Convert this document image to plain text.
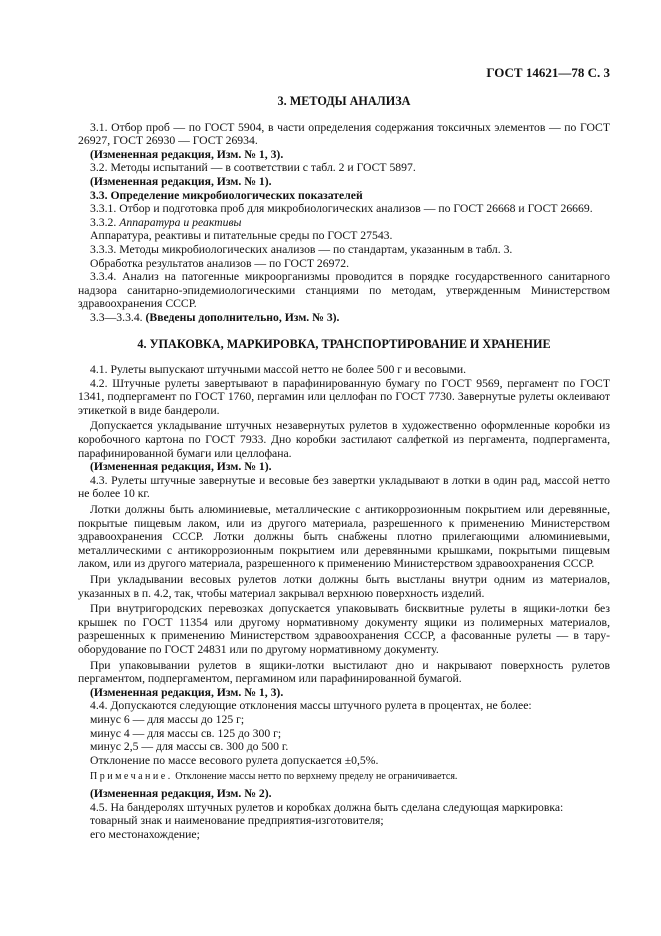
ГОСТ 14621—78 С. 3
3. МЕТОДЫ АНАЛИЗА

3.1. Отбор проб — по ГОСТ 5904, в части определения содержания токсичных элементов — по ГОСТ 26927, ГОСТ 26930 — ГОСТ 26934.

(Измененная редакция, Изм. № 1, 3).

3.2. Методы испытаний — в соответствии с табл. 2 и ГОСТ 5897.

(Измененная редакция, Изм. № 1).

3.3. Определение микробиологических показателей

3.3.1. Отбор и подготовка проб для микробиологических анализов — по ГОСТ 26668 и ГОСТ 26669.

3.3.2. Аппаратура и реактивы

Аппаратура, реактивы и питательные среды по ГОСТ 27543.

3.3.3. Методы микробиологических анализов — по стандартам, указанным в табл. 3.

Обработка результатов анализов — по ГОСТ 26972.

3.3.4. Анализ на патогенные микроорганизмы проводится в порядке государственного санитарного надзора санитарно-эпидемиологическими станциями по методам, утвержденным Министерством здравоохранения СССР.

3.3—3.3.4. (Введены дополнительно, Изм. № 3).

4. УПАКОВКА, МАРКИРОВКА, ТРАНСПОРТИРОВАНИЕ И ХРАНЕНИЕ

4.1. Рулеты выпускают штучными массой нетто не более 500 г и весовыми.

4.2. Штучные рулеты завертывают в парафинированную бумагу по ГОСТ 9569, пергамент по ГОСТ 1341, подпергамент по ГОСТ 1760, пергамин или целлофан по ГОСТ 7730. Завернутые рулеты оклеивают этикеткой в виде бандероли.

Допускается укладывание штучных незавернутых рулетов в художественно оформленные коробки из коробочного картона по ГОСТ 7933. Дно коробки застилают салфеткой из пергамента, подпергамента, парафинированной бумаги или целлофана.

(Измененная редакция, Изм. № 1).

4.3. Рулеты штучные завернутые и весовые без завертки укладывают в лотки в один рад, массой нетто не более 10 кг.

Лотки должны быть алюминиевые, металлические с антикоррозионным покрытием или деревянные, покрытые пищевым лаком, или из другого материала, разрешенного к применению Министерством здравоохранения СССР. Лотки должны быть снабжены плотно прилегающими алюминиевыми, металлическими с антикоррозионным покрытием или деревянными крышками, покрытыми пищевым лаком, или из другого материала, разрешенного к применению Министерством здравоохранения СССР.

При укладывании весовых рулетов лотки должны быть выстланы внутри одним из материалов, указанных в п. 4.2, так, чтобы материал закрывал верхнюю поверхность изделий.

При внутригородских перевозках допускается упаковывать бисквитные рулеты в ящики-лотки без крышек по ГОСТ 11354 или другому нормативному документу ящики из полимерных материалов, разрешенных к применению Министерством здравоохранения СССР, а фасованные рулеты — в тару-оборудование по ГОСТ 24831 или по другому нормативному документу.

При упаковывании рулетов в ящики-лотки выстилают дно и накрывают поверхность рулетов пергаментом, подпергаментом, пергамином или парафинированной бумагой.

(Измененная редакция, Изм. № 1, 3).

4.4. Допускаются следующие отклонения массы штучного рулета в процентах, не более:

минус 6 — для массы до 125 г;

минус 4 — для массы св. 125 до 300 г;

минус 2,5 — для массы св. 300 до 500 г.

Отклонение по массе весового рулета допускается ±0,5%.

Примечание. Отклонение массы нетто по верхнему пределу не ограничивается.

(Измененная редакция, Изм. № 2).

4.5. На бандеролях штучных рулетов и коробках должна быть сделана следующая маркировка:

товарный знак и наименование предприятия-изготовителя;

его местонахождение;
